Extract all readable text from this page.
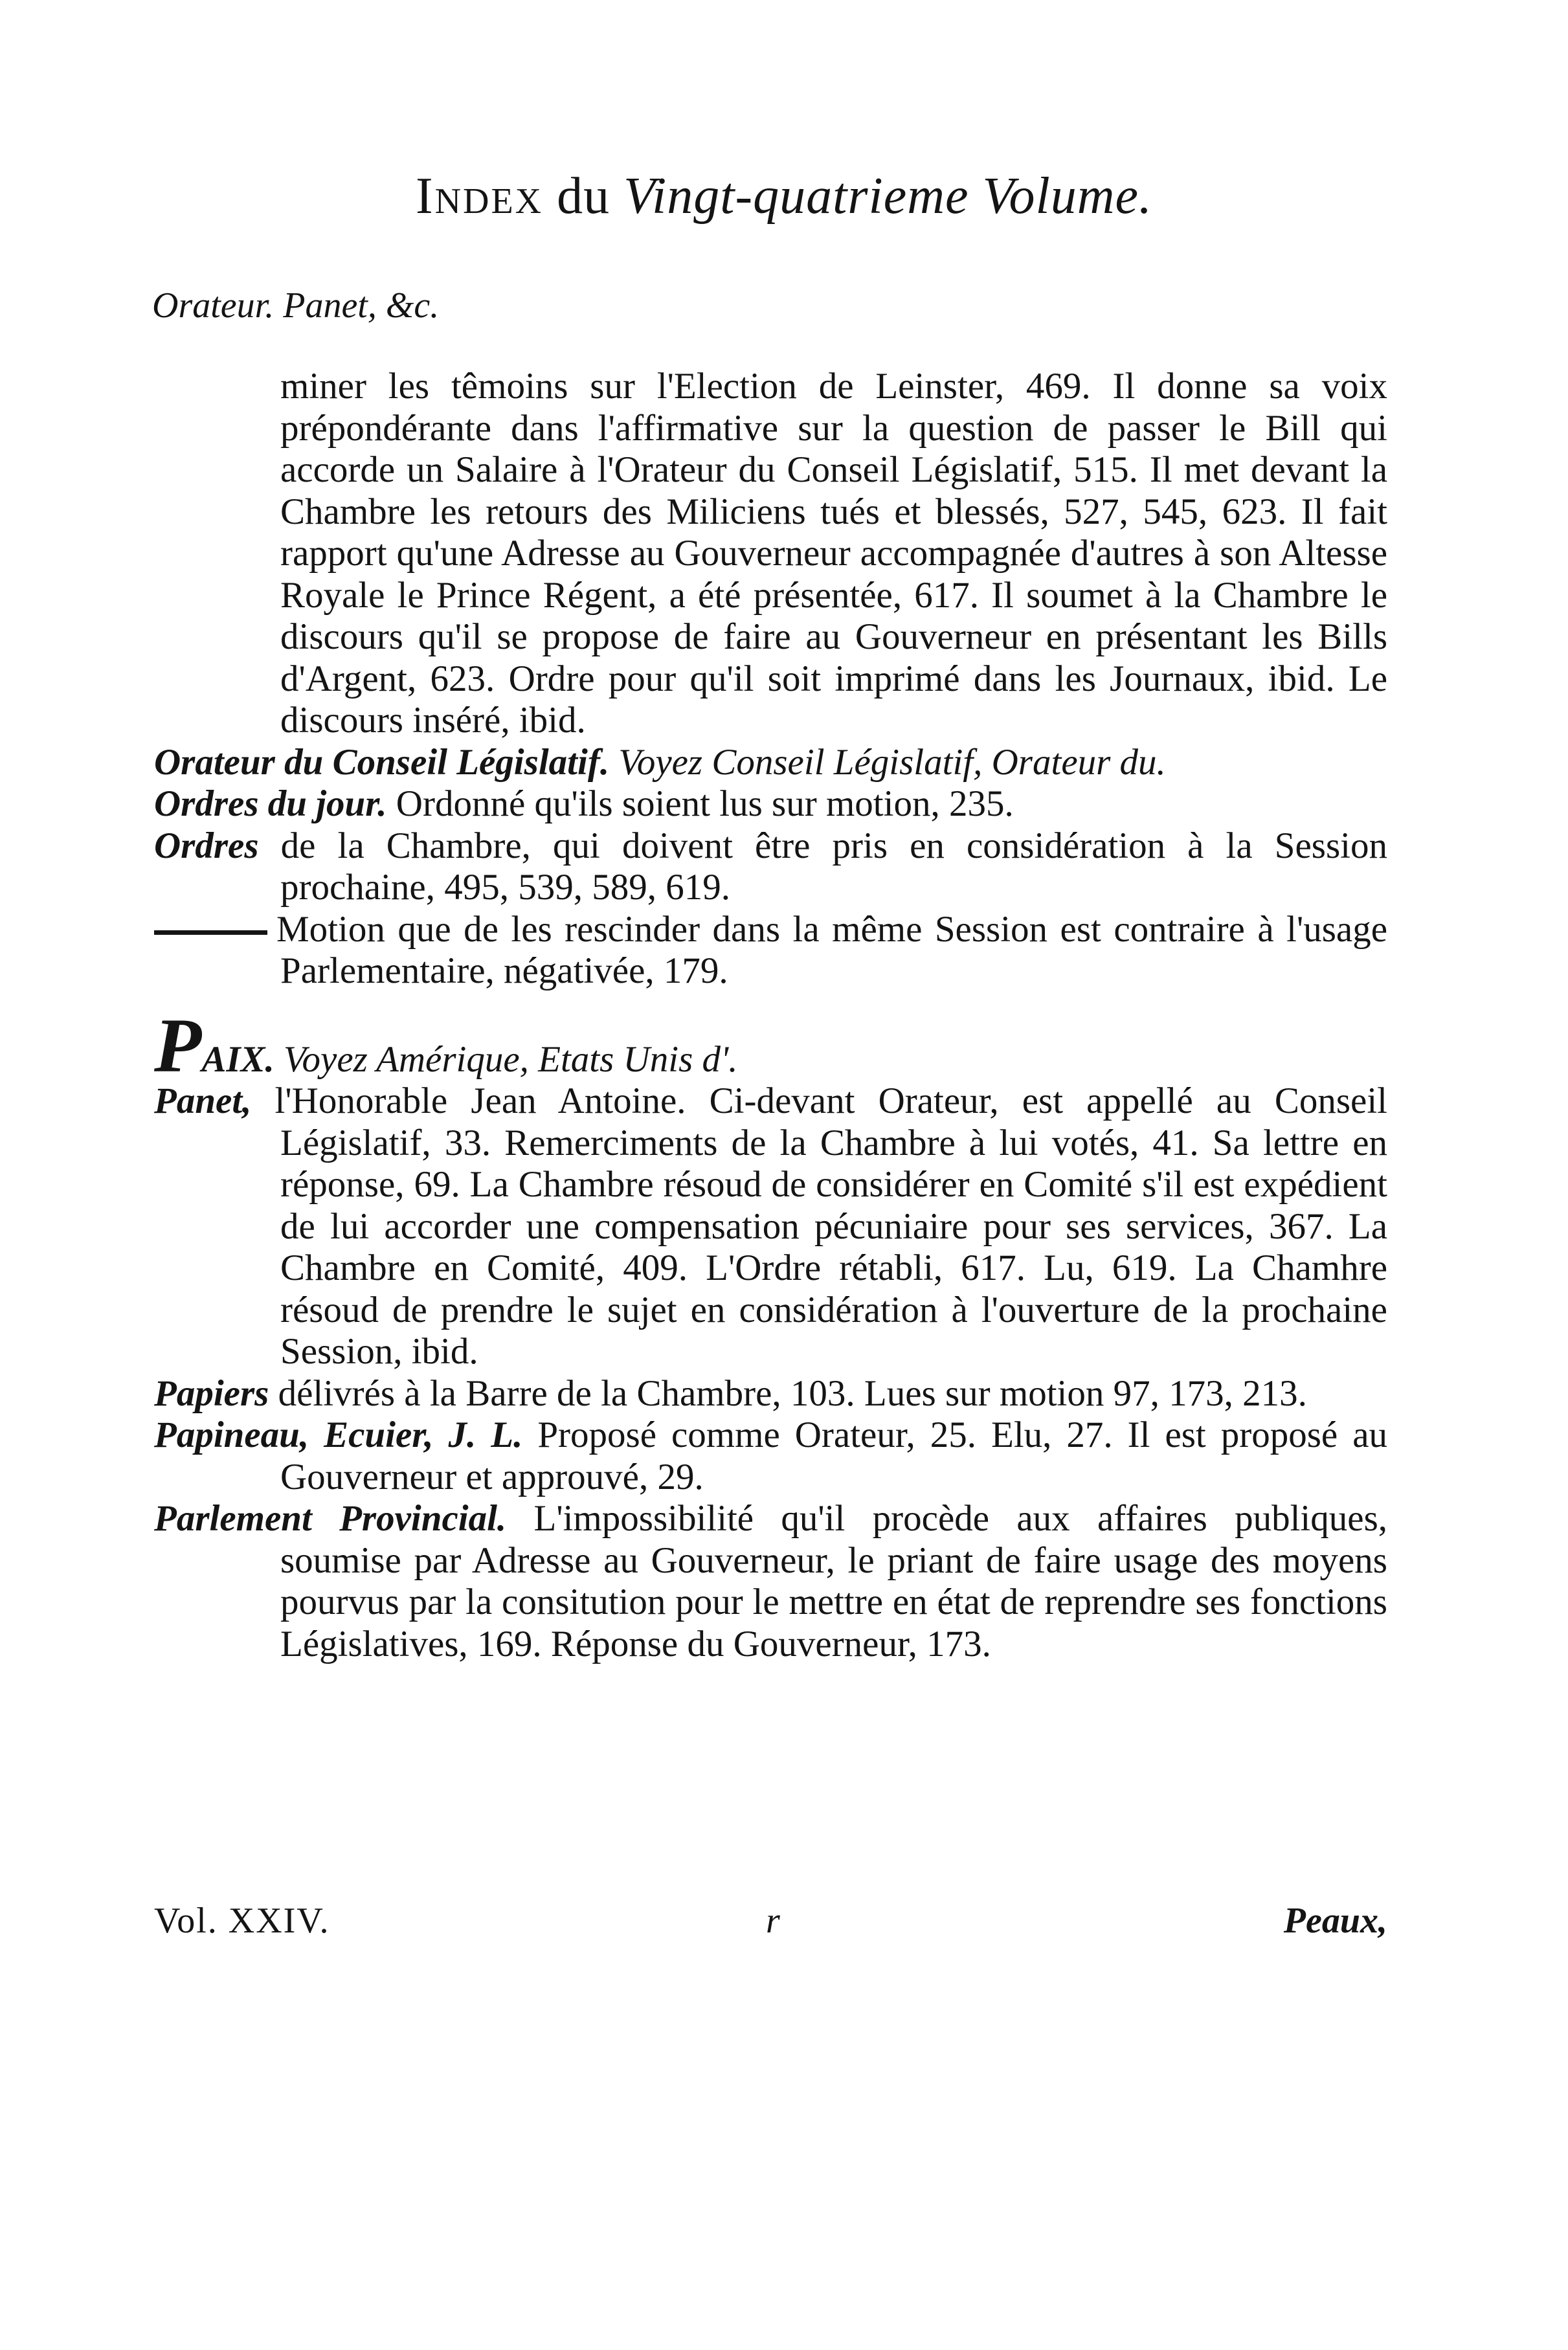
Index du Vingt-quatrieme Volume.
Orateur. Panet, &c.
miner les têmoins sur l'Election de Leinster, 469. Il donne sa voix prépondérante dans l'affirmative sur la question de passer le Bill qui accorde un Salaire à l'Orateur du Conseil Législatif, 515. Il met devant la Chambre les retours des Miliciens tués et blessés, 527, 545, 623. Il fait rapport qu'une Adresse au Gouverneur accompagnée d'autres à son Altesse Royale le Prince Régent, a été présentée, 617. Il soumet à la Chambre le discours qu'il se propose de faire au Gouverneur en présentant les Bills d'Argent, 623. Ordre pour qu'il soit imprimé dans les Journaux, ibid. Le discours inséré, ibid.
Orateur du Conseil Législatif. Voyez Conseil Législatif, Orateur du.
Ordres du jour. Ordonné qu'ils soient lus sur motion, 235.
Ordres de la Chambre, qui doivent être pris en considération à la Session prochaine, 495, 539, 589, 619.
Motion que de les rescinder dans la même Session est contraire à l'usage Parlementaire, négativée, 179.
PAIX. Voyez Amérique, Etats Unis d'.
Panet, l'Honorable Jean Antoine. Ci-devant Orateur, est appellé au Conseil Législatif, 33. Remerciments de la Chambre à lui votés, 41. Sa lettre en réponse, 69. La Chambre résoud de considérer en Comité s'il est expédient de lui accorder une compensation pécuniaire pour ses services, 367. La Chambre en Comité, 409. L'Ordre rétabli, 617. Lu, 619. La Chamhre résoud de prendre le sujet en considération à l'ouverture de la prochaine Session, ibid.
Papiers délivrés à la Barre de la Chambre, 103. Lues sur motion 97, 173, 213.
Papineau, Ecuier, J. L. Proposé comme Orateur, 25. Elu, 27. Il est proposé au Gouverneur et approuvé, 29.
Parlement Provincial. L'impossibilité qu'il procède aux affaires publiques, soumise par Adresse au Gouverneur, le priant de faire usage des moyens pourvus par la consitution pour le mettre en état de reprendre ses fonctions Législatives, 169. Réponse du Gouverneur, 173.
Vol. XXIV.	r	Peaux,
